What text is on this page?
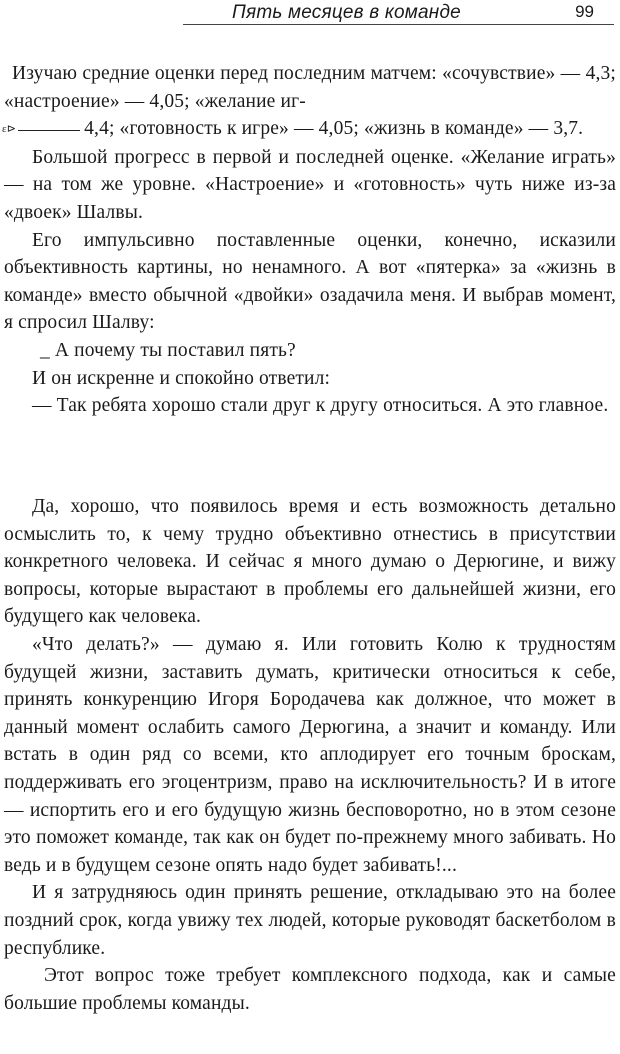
Пять месяцев в команде	99

Изучаю средние оценки перед последним матчем: «сочувствие» — 4,3; «настроение» — 4,05; «желание иг-

ɛ⊳	4,4; «готовность к игре» — 4,05; «жизнь в команде» — 3,7.

Большой прогресс в первой и последней оценке. «Желание играть» — на том же уровне. «Настроение» и «готовность» чуть ниже из-за «двоек» Шалвы.

Его импульсивно поставленные оценки, конечно, исказили объективность картины, но ненамного. А вот «пятерка» за «жизнь в команде» вместо обычной «двойки» озадачила меня. И выбрав момент, я спросил Шалву:

_ А почему ты поставил пять?

И он искренне и спокойно ответил:

— Так ребята хорошо стали друг к другу относиться. А это главное.

Да, хорошо, что появилось время и есть возможность детально осмыслить то, к чему трудно объективно отнестись в присутствии конкретного человека. И сейчас я много думаю о Дерюгине, и вижу вопросы, которые вырастают в проблемы его дальнейшей жизни, его будущего как человека.

«Что делать?» — думаю я. Или готовить Колю к трудностям будущей жизни, заставить думать, критически относиться к себе, принять конкуренцию Игоря Бородачева как должное, что может в данный момент ослабить самого Дерюгина, а значит и команду. Или встать в один ряд со всеми, кто аплодирует его точным броскам, поддерживать его эгоцентризм, право на исключительность? И в итоге — испортить его и его будущую жизнь бесповоротно, но в этом сезоне это поможет команде, так как он будет по-прежнему много забивать. Но ведь и в будущем сезоне опять надо будет забивать!...

И я затрудняюсь один принять решение, откладываю это на более поздний срок, когда увижу тех людей, которые руководят баскетболом в республике.

Этот вопрос тоже требует комплексного подхода, как и самые большие проблемы команды.
